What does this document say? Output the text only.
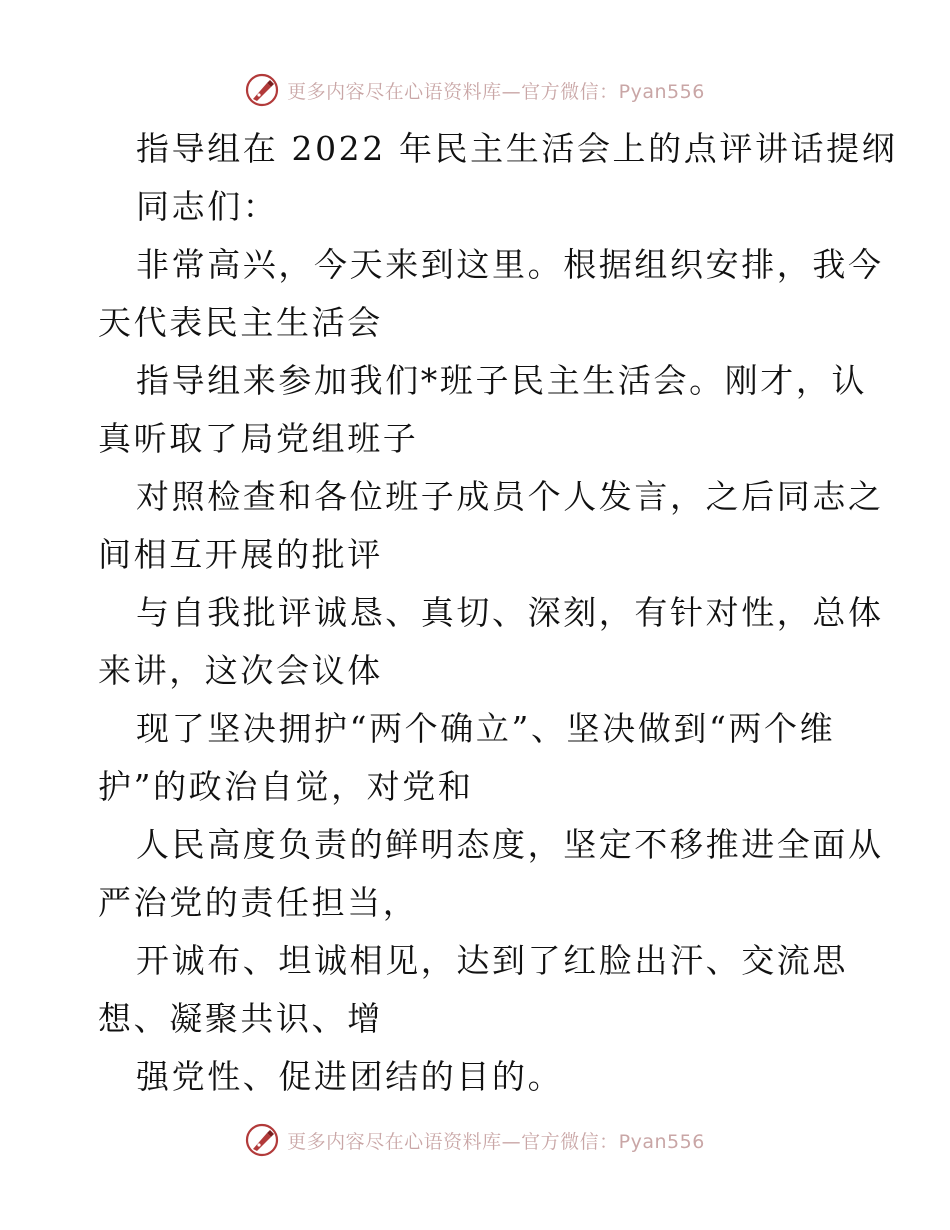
更多内容尽在心语资料库—官方微信：Pyan556

指导组在 2022 年民主生活会上的点评讲话提纲

同志们：

非常高兴，今天来到这里。根据组织安排，我今

天代表民主生活会

指导组来参加我们*班子民主生活会。刚才，认

真听取了局党组班子

对照检查和各位班子成员个人发言，之后同志之

间相互开展的批评

与自我批评诚恳、真切、深刻，有针对性，总体

来讲，这次会议体

现了坚决拥护“两个确立”、坚决做到“两个维

护”的政治自觉，对党和

人民高度负责的鲜明态度，坚定不移推进全面从

严治党的责任担当，

开诚布、坦诚相见，达到了红脸出汗、交流思

想、凝聚共识、增

强党性、促进团结的目的。

更多内容尽在心语资料库—官方微信：Pyan556
